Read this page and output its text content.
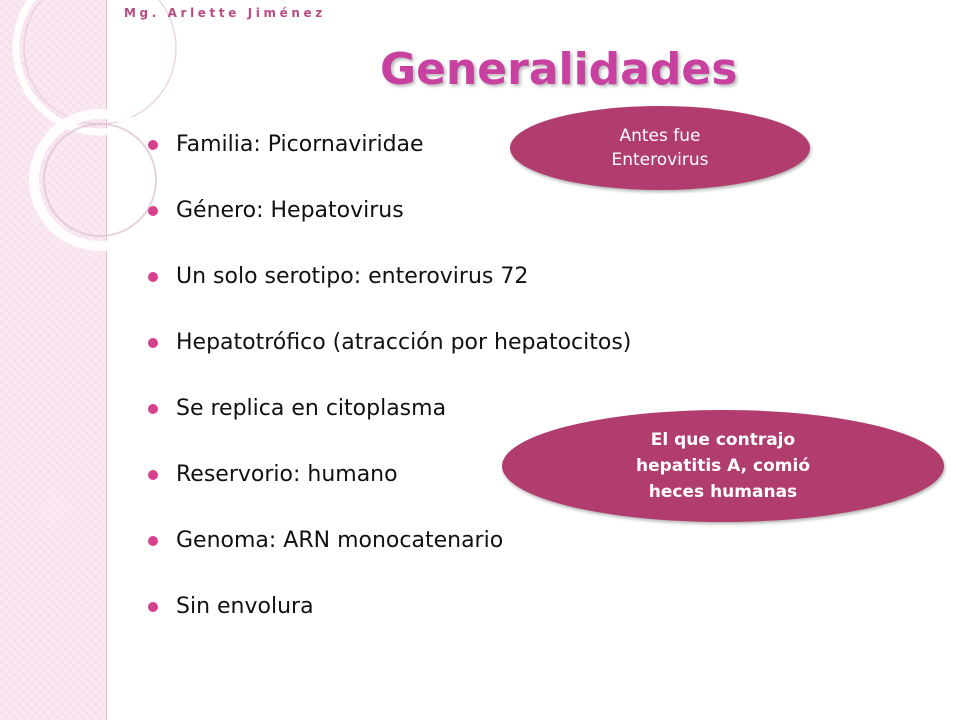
Mg. Arlette Jiménez
Generalidades
Familia: Picornaviridae
Género: Hepatovirus
Un solo serotipo: enterovirus 72
Hepatotrófico (atracción por hepatocitos)
Se replica en citoplasma
Reservorio: humano
Genoma: ARN monocatenario
Sin envolura
Antes fue
Enterovirus
El que contrajo
hepatitis A, comió
heces humanas
